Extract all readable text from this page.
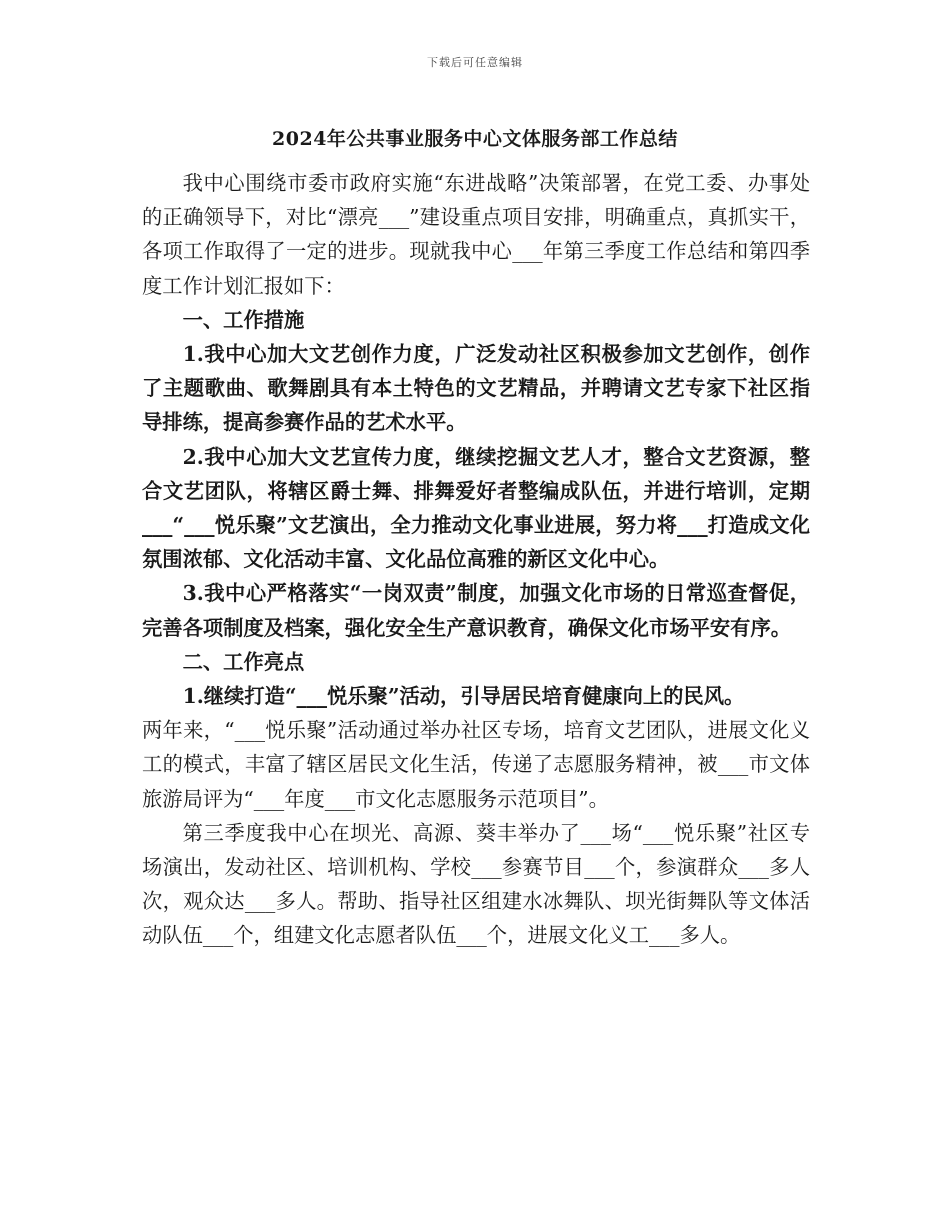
下载后可任意编辑
2024年公共事业服务中心文体服务部工作总结

我中心围绕市委市政府实施“东进战略”决策部署，在党工委、办事处的正确领导下，对比“漂亮___”建设重点项目安排，明确重点，真抓实干，各项工作取得了一定的进步。现就我中心___年第三季度工作总结和第四季度工作计划汇报如下：

一、工作措施

1.我中心加大文艺创作力度，广泛发动社区积极参加文艺创作，创作了主题歌曲、歌舞剧具有本土特色的文艺精品，并聘请文艺专家下社区指导排练，提高参赛作品的艺术水平。

2.我中心加大文艺宣传力度，继续挖掘文艺人才，整合文艺资源，整合文艺团队，将辖区爵士舞、排舞爱好者整编成队伍，并进行培训，定期___“___悦乐聚”文艺演出，全力推动文化事业进展，努力将___打造成文化氛围浓郁、文化活动丰富、文化品位高雅的新区文化中心。

3.我中心严格落实“一岗双责”制度，加强文化市场的日常巡查督促，完善各项制度及档案，强化安全生产意识教育，确保文化市场平安有序。

二、工作亮点

1.继续打造“___悦乐聚”活动，引导居民培育健康向上的民风。

两年来，“___悦乐聚”活动通过举办社区专场，培育文艺团队，进展文化义工的模式，丰富了辖区居民文化生活，传递了志愿服务精神，被___市文体旅游局评为“___年度___市文化志愿服务示范项目”。

第三季度我中心在坝光、高源、葵丰举办了___场“___悦乐聚”社区专场演出，发动社区、培训机构、学校___参赛节目___个，参演群众___多人次，观众达___多人。帮助、指导社区组建水冰舞队、坝光街舞队等文体活动队伍___个，组建文化志愿者队伍___个，进展文化义工___多人。
